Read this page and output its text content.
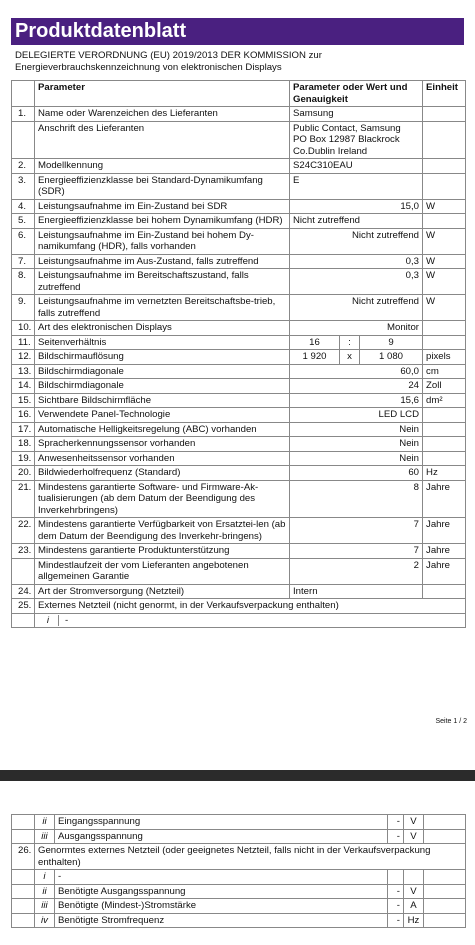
Produktdatenblatt
DELEGIERTE VERORDNUNG (EU) 2019/2013 DER KOMMISSION zur
Energieverbrauchskennzeichnung von elektronischen Displays
	Parameter	Parameter oder Wert und Genauigkeit			Einheit
1.	Name oder Warenzeichen des Lieferanten	Samsung			
	Anschrift des Lieferanten	Public Contact, Samsung
PO Box 12987 Blackrock
Co.Dublin Ireland			
2.	Modellkennung	S24C310EAU			
3.	Energieeffizienzklasse bei Standard-Dynamikumfang (SDR)	E			
4.	Leistungsaufnahme im Ein-Zustand bei SDR	15,0			W
5.	Energieeffizienzklasse bei hohem Dynamikumfang (HDR)	Nicht zutreffend			
6.	Leistungsaufnahme im Ein-Zustand bei hohem Dy-namikumfang (HDR), falls vorhanden	Nicht zutreffend			W
7.	Leistungsaufnahme im Aus-Zustand, falls zutreffend	0,3			W
8.	Leistungsaufnahme im Bereitschaftszustand, falls zutreffend	0,3			W
9.	Leistungsaufnahme im vernetzten Bereitschaftsbe-trieb, falls zutreffend	Nicht zutreffend			W
10.	Art des elektronischen Displays	Monitor			
11.	Seitenverhältnis	16	:	9	
12.	Bildschirmauflösung	1 920	x	1 080	pixels
13.	Bildschirmdiagonale	60,0			cm
14.	Bildschirmdiagonale	24			Zoll
15.	Sichtbare Bildschirmfläche	15,6			dm²
16.	Verwendete Panel-Technologie	LED LCD			
17.	Automatische Helligkeitsregelung (ABC) vorhanden	Nein			
18.	Spracherkennungssensor vorhanden	Nein			
19.	Anwesenheitssensor vorhanden	Nein			
20.	Bildwiederholfrequenz (Standard)	60			Hz
21.	Mindestens garantierte Software- und Firmware-Ak-tualisierungen (ab dem Datum der Beendigung des Inverkehrbringens)	8			Jahre
22.	Mindestens garantierte Verfügbarkeit von Ersatztei-len (ab dem Datum der Beendigung des Inverkehr-bringens)	7			Jahre
23.	Mindestens garantierte Produktunterstützung	7			Jahre
	Mindestlaufzeit der vom Lieferanten angebotenen allgemeinen Garantie	2			Jahre
24.	Art der Stromversorgung (Netzteil)	Intern			
25.	Externes Netzteil (nicht genormt, in der Verkaufsverpackung enthalten)				
	i -				
Seite 1 / 2
	ii	Eingangsspannung	-	V	
	iii	Ausgangsspannung	-	V	
26.	Genormtes externes Netzteil (oder geeignetes Netzteil, falls nicht in der Verkaufsverpackung enthalten)				
	i	-			
	ii	Benötigte Ausgangsspannung	-	V	
	iii	Benötigte (Mindest-)Stromstärke	-	A	
	iv	Benötigte Stromfrequenz	-	Hz	
